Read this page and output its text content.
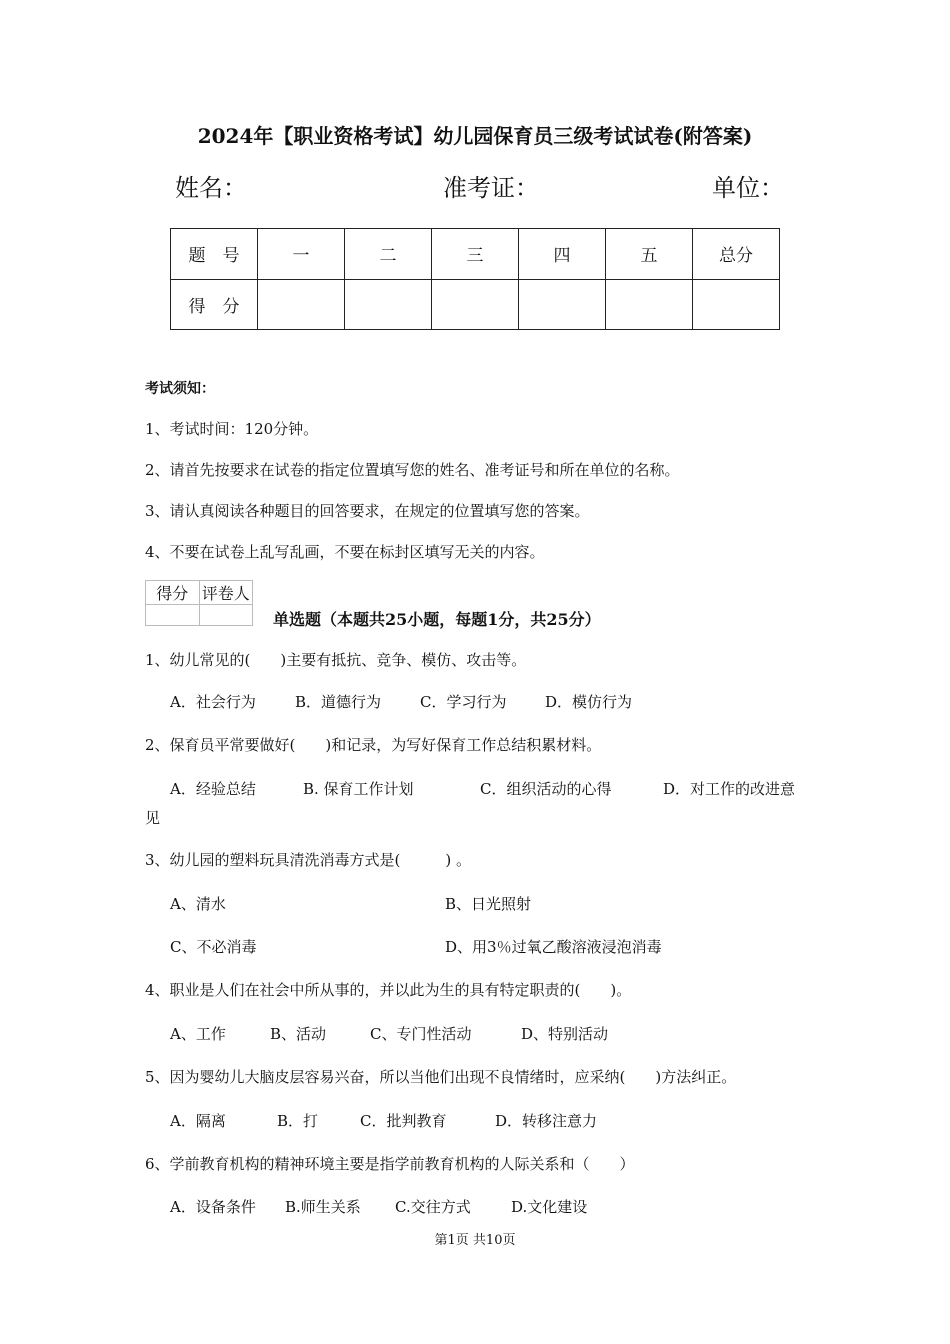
2024年【职业资格考试】幼儿园保育员三级考试试卷(附答案)
姓名：	准考证：	单位：
题　号	一	二	三	四	五	总分
得　分						
考试须知：
1、考试时间：120分钟。
2、请首先按要求在试卷的指定位置填写您的姓名、准考证号和所在单位的名称。
3、请认真阅读各种题目的回答要求，在规定的位置填写您的答案。
4、不要在试卷上乱写乱画，不要在标封区填写无关的内容。
得分	评卷人

单选题（本题共25小题，每题1分，共25分）
1、幼儿常见的(　　)主要有抵抗、竞争、模仿、攻击等。
A．社会行为	B．道德行为	C．学习行为	D．模仿行为
2、保育员平常要做好(　　)和记录，为写好保育工作总结积累材料。
A．经验总结	B. 保育工作计划	C．组织活动的心得	D．对工作的改进意
见
3、幼儿园的塑料玩具清洗消毒方式是(　　　) 。
A、清水	B、日光照射
C、不必消毒	D、用3％过氧乙酸溶液浸泡消毒
4、职业是人们在社会中所从事的，并以此为生的具有特定职责的(　　)。
A、工作	B、活动	C、专门性活动	D、特别活动
5、因为婴幼儿大脑皮层容易兴奋，所以当他们出现不良情绪时，应采纳(　　)方法纠正。
A．隔离	B．打	C．批判教育	D．转移注意力
6、学前教育机构的精神环境主要是指学前教育机构的人际关系和（　　）
A．设备条件 B.师生关系 C.交往方式	D.文化建设
第1页 共10页
